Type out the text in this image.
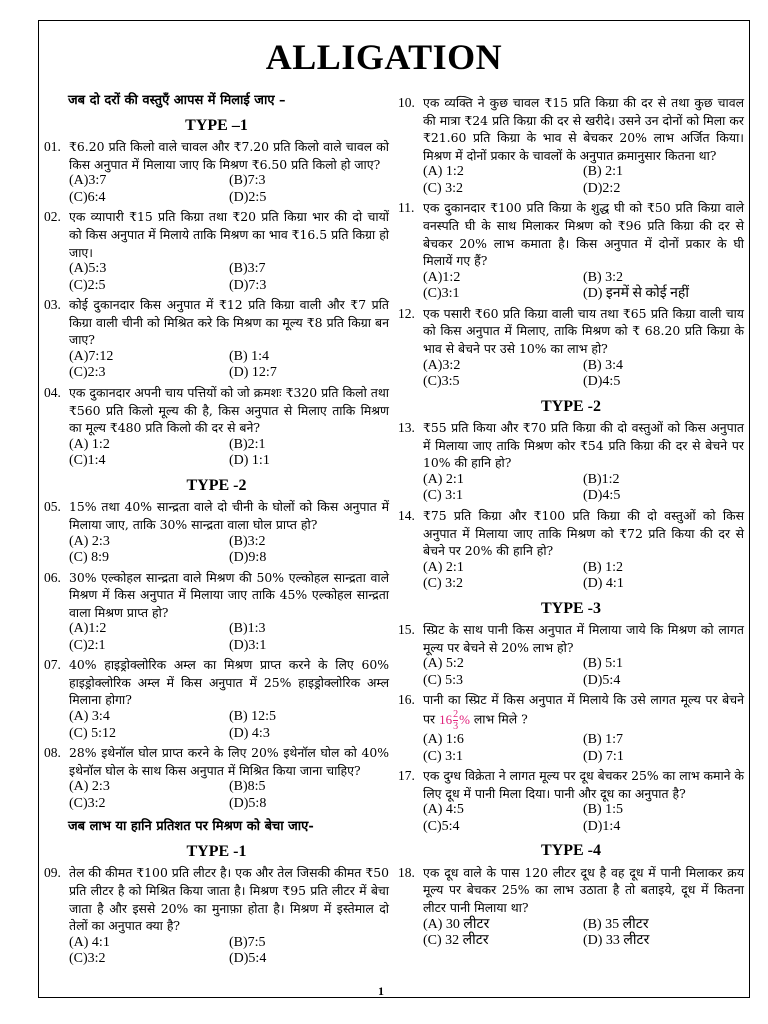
ALLIGATION
जब दो दरों की वस्तुएँ आपस में मिलाई जाए –
TYPE –1
01. ₹6.20 प्रति किलो वाले चावल और ₹7.20 प्रति किलो वाले चावल को किस अनुपात में मिलाया जाए कि मिश्रण ₹6.50 प्रति किलो हो जाए?
(A)3:7	(B)7:3
(C)6:4	(D)2:5
02. एक व्यापारी ₹15 प्रति किग्रा तथा ₹20 प्रति किग्रा भार की दो चायों को किस अनुपात में मिलाये ताकि मिश्रण का भाव ₹16.5 प्रति किग्रा हो जाए।
(A)5:3	(B)3:7
(C)2:5	(D)7:3
03. कोई दुकानदार किस अनुपात में ₹12 प्रति किग्रा वाली और ₹7 प्रति किग्रा वाली चीनी को मिश्रित करे कि मिश्रण का मूल्य ₹8 प्रति किग्रा बन जाए?
(A)7:12	(B) 1:4
(C)2:3	(D) 12:7
04. एक दुकानदार अपनी चाय पत्तियों को जो क्रमशः ₹320 प्रति किलो तथा ₹560 प्रति किलो मूल्य की है, किस अनुपात से मिलाए ताकि मिश्रण का मूल्य ₹480 प्रति किलो की दर से बने?
(A) 1:2	(B)2:1
(C)1:4	(D) 1:1
TYPE -2
05. 15% तथा 40% सान्द्रता वाले दो चीनी के घोलों को किस अनुपात में मिलाया जाए, ताकि 30% सान्द्रता वाला घोल प्राप्त हो?
(A) 2:3	(B)3:2
(C) 8:9	(D)9:8
06. 30% एल्कोहल सान्द्रता वाले मिश्रण की 50% एल्कोहल सान्द्रता वाले मिश्रण में किस अनुपात में मिलाया जाए ताकि 45% एल्कोहल सान्द्रता वाला मिश्रण प्राप्त हो?
(A)1:2	(B)1:3
(C)2:1	(D)3:1
07. 40% हाइड्रोक्लोरिक अम्ल का मिश्रण प्राप्त करने के लिए 60% हाइड्रोक्लोरिक अम्ल में किस अनुपात में 25% हाइड्रोक्लोरिक अम्ल मिलाना होगा?
(A) 3:4	(B) 12:5
(C) 5:12	(D) 4:3
08. 28% इथेनॉल घोल प्राप्त करने के लिए 20% इथेनॉल घोल को 40% इथेनॉल घोल के साथ किस अनुपात में मिश्रित किया जाना चाहिए?
(A) 2:3	(B)8:5
(C)3:2	(D)5:8
जब लाभ या हानि प्रतिशत पर मिश्रण को बेचा जाए-
TYPE -1
09. तेल की कीमत ₹100 प्रति लीटर है। एक और तेल जिसकी कीमत ₹50 प्रति लीटर है को मिश्रित किया जाता है। मिश्रण ₹95 प्रति लीटर में बेचा जाता है और इससे 20% का मुनाफ़ा होता है। मिश्रण में इस्तेमाल दो तेलों का अनुपात क्या है?
(A) 4:1	(B)7:5
(C)3:2	(D)5:4
10. एक व्यक्ति ने कुछ चावल ₹15 प्रति किग्रा की दर से तथा कुछ चावल की मात्रा ₹24 प्रति किग्रा की दर से खरीदे। उसने उन दोनों को मिला कर ₹21.60 प्रति किग्रा के भाव से बेचकर 20% लाभ अर्जित किया। मिश्रण में दोनों प्रकार के चावलों के अनुपात क्रमानुसार कितना था?
(A) 1:2	(B) 2:1
(C) 3:2	(D)2:2
11. एक दुकानदार ₹100 प्रति किग्रा के शुद्ध घी को ₹50 प्रति किग्रा वाले वनस्पति घी के साथ मिलाकर मिश्रण को ₹96 प्रति किग्रा की दर से बेचकर 20% लाभ कमाता है। किस अनुपात में दोनों प्रकार के घी मिलायें गए हैं?
(A)1:2	(B) 3:2
(C)3:1	(D) इनमें से कोई नहीं
12. एक पसारी ₹60 प्रति किग्रा वाली चाय तथा ₹65 प्रति किग्रा वाली चाय को किस अनुपात में मिलाए, ताकि मिश्रण को ₹ 68.20 प्रति किग्रा के भाव से बेचने पर उसे 10% का लाभ हो?
(A)3:2	(B) 3:4
(C)3:5	(D)4:5
TYPE -2
13. ₹55 प्रति किया और ₹70 प्रति किग्रा की दो वस्तुओं को किस अनुपात में मिलाया जाए ताकि मिश्रण कोर ₹54 प्रति किग्रा की दर से बेचने पर 10% की हानि हो?
(A) 2:1	(B)1:2
(C) 3:1	(D)4:5
14. ₹75 प्रति किग्रा और ₹100 प्रति किग्रा की दो वस्तुओं को किस अनुपात में मिलाया जाए ताकि मिश्रण को ₹72 प्रति किया की दर से बेचने पर 20% की हानि हो?
(A) 2:1	(B) 1:2
(C) 3:2	(D) 4:1
TYPE -3
15. स्प्रिट के साथ पानी किस अनुपात में मिलाया जाये कि मिश्रण को लागत मूल्य पर बेचने से 20% लाभ हो?
(A) 5:2	(B) 5:1
(C) 5:3	(D)5:4
16. पानी का स्प्रिट में किस अनुपात में मिलाये कि उसे लागत मूल्य पर बेचने पर $16 \frac{2}{3}$ % लाभ मिले ?
(A) 1:6	(B) 1:7
(C) 3:1	(D) 7:1
17. एक दुग्ध विक्रेता ने लागत मूल्य पर दूध बेचकर 25% का लाभ कमाने के लिए दूध में पानी मिला दिया। पानी और दूध का अनुपात है?
(A) 4:5	(B) 1:5
(C)5:4	(D)1:4
TYPE -4
18. एक दूध वाले के पास 120 लीटर दूध है वह दूध में पानी मिलाकर क्रय मूल्य पर बेचकर 25% का लाभ उठाता है तो बताइये, दूध में कितना लीटर पानी मिलाया था?
(A) 30 लीटर	(B) 35 लीटर
(C) 32 लीटर	(D) 33 लीटर
1
